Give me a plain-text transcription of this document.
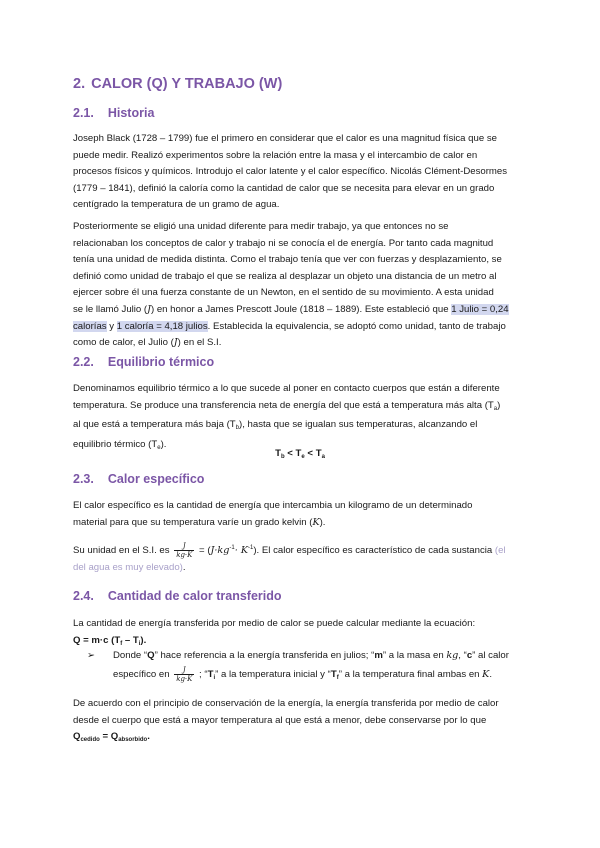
2. CALOR (Q) Y TRABAJO (W)
2.1. Historia

Joseph Black (1728 – 1799) fue el primero en considerar que el calor es una magnitud física que se
puede medir. Realizó experimentos sobre la relación entre la masa y el intercambio de calor en
procesos físicos y químicos. Introdujo el calor latente y el calor específico. Nicolás Clément-Desormes
(1779 – 1841), definió la caloría como la cantidad de calor que se necesita para elevar en un grado
centígrado la temperatura de un gramo de agua.

Posteriormente se eligió una unidad diferente para medir trabajo, ya que entonces no se
relacionaban los conceptos de calor y trabajo ni se conocía el de energía. Por tanto cada magnitud
tenía una unidad de medida distinta. Como el trabajo tenía que ver con fuerzas y desplazamiento, se
definió como unidad de trabajo el que se realiza al desplazar un objeto una distancia de un metro al
ejercer sobre él una fuerza constante de un Newton, en el sentido de su movimiento. A esta unidad
se le llamó Julio (J) en honor a James Prescott Joule (1818 – 1889). Este estableció que 1 Julio = 0,24
calorías y 1 caloría = 4,18 julios. Establecida la equivalencia, se adoptó como unidad, tanto de trabajo
como de calor, el Julio (J) en el S.I.

2.2. Equilibrio térmico

Denominamos equilibrio térmico a lo que sucede al poner en contacto cuerpos que están a diferente
temperatura. Se produce una transferencia neta de energía del que está a temperatura más alta $(T_a)$
al que está a temperatura más baja $(T_b)$, hasta que se igualan sus temperaturas, alcanzando el
equilibrio térmico $(T_e)$.

$T_b < T_e < T_a$
2.3. Calor específico

El calor específico es la cantidad de energía que intercambia un kilogramo de un determinado
material para que su temperatura varíe un grado kelvin (K).

Su unidad en el S.I. es $\frac{J}{kg\cdot K} = (J\cdot kg^{-1}\cdot K^{-1})$. El calor específico es característico de cada sustancia (el
del agua es muy elevado).

2.4. Cantidad de calor transferido

La cantidad de energía transferida por medio de calor se puede calcular mediante la ecuación:
Q = m·c $(T_f - T_i)$.

➢ Donde “Q” hace referencia a la energía transferida en julios; “m” a la masa en kg, “c” al calor
específico en $\frac{J}{kg\cdot K}$ ; “$T_i$” a la temperatura inicial y “$T_f$” a la temperatura final ambas en K.

De acuerdo con el principio de conservación de la energía, la energía transferida por medio de calor
desde el cuerpo que está a mayor temperatura al que está a menor, debe conservarse por lo que
$Q_{cedido} = Q_{absorbido}$.
